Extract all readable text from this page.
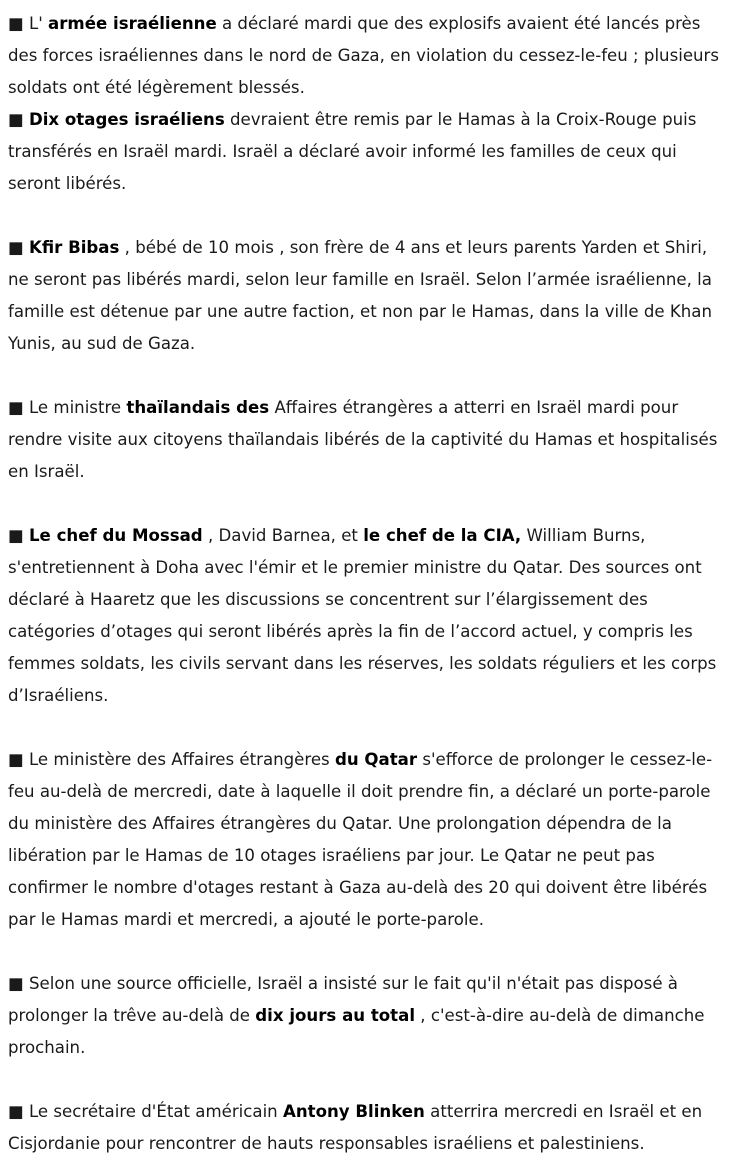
■ L' armée israélienne a déclaré mardi que des explosifs avaient été lancés près des forces israéliennes dans le nord de Gaza, en violation du cessez-le-feu ; plusieurs soldats ont été légèrement blessés.

■ Dix otages israéliens devraient être remis par le Hamas à la Croix-Rouge puis transférés en Israël mardi. Israël a déclaré avoir informé les familles de ceux qui seront libérés.

■ Kfir Bibas , bébé de 10 mois , son frère de 4 ans et leurs parents Yarden et Shiri, ne seront pas libérés mardi, selon leur famille en Israël. Selon l’armée israélienne, la famille est détenue par une autre faction, et non par le Hamas, dans la ville de Khan Yunis, au sud de Gaza.

■ Le ministre thaïlandais des Affaires étrangères a atterri en Israël mardi pour rendre visite aux citoyens thaïlandais libérés de la captivité du Hamas et hospitalisés en Israël.

■ Le chef du Mossad , David Barnea, et le chef de la CIA, William Burns, s'entretiennent à Doha avec l'émir et le premier ministre du Qatar. Des sources ont déclaré à Haaretz que les discussions se concentrent sur l’élargissement des catégories d’otages qui seront libérés après la fin de l’accord actuel, y compris les femmes soldats, les civils servant dans les réserves, les soldats réguliers et les corps d’Israéliens.

■ Le ministère des Affaires étrangères du Qatar s'efforce de prolonger le cessez-le-feu au-delà de mercredi, date à laquelle il doit prendre fin, a déclaré un porte-parole du ministère des Affaires étrangères du Qatar. Une prolongation dépendra de la libération par le Hamas de 10 otages israéliens par jour. Le Qatar ne peut pas confirmer le nombre d'otages restant à Gaza au-delà des 20 qui doivent être libérés par le Hamas mardi et mercredi, a ajouté le porte-parole.

■ Selon une source officielle, Israël a insisté sur le fait qu'il n'était pas disposé à prolonger la trêve au-delà de dix jours au total , c'est-à-dire au-delà de dimanche prochain.

■ Le secrétaire d'État américain Antony Blinken atterrira mercredi en Israël et en Cisjordanie pour rencontrer de hauts responsables israéliens et palestiniens.
